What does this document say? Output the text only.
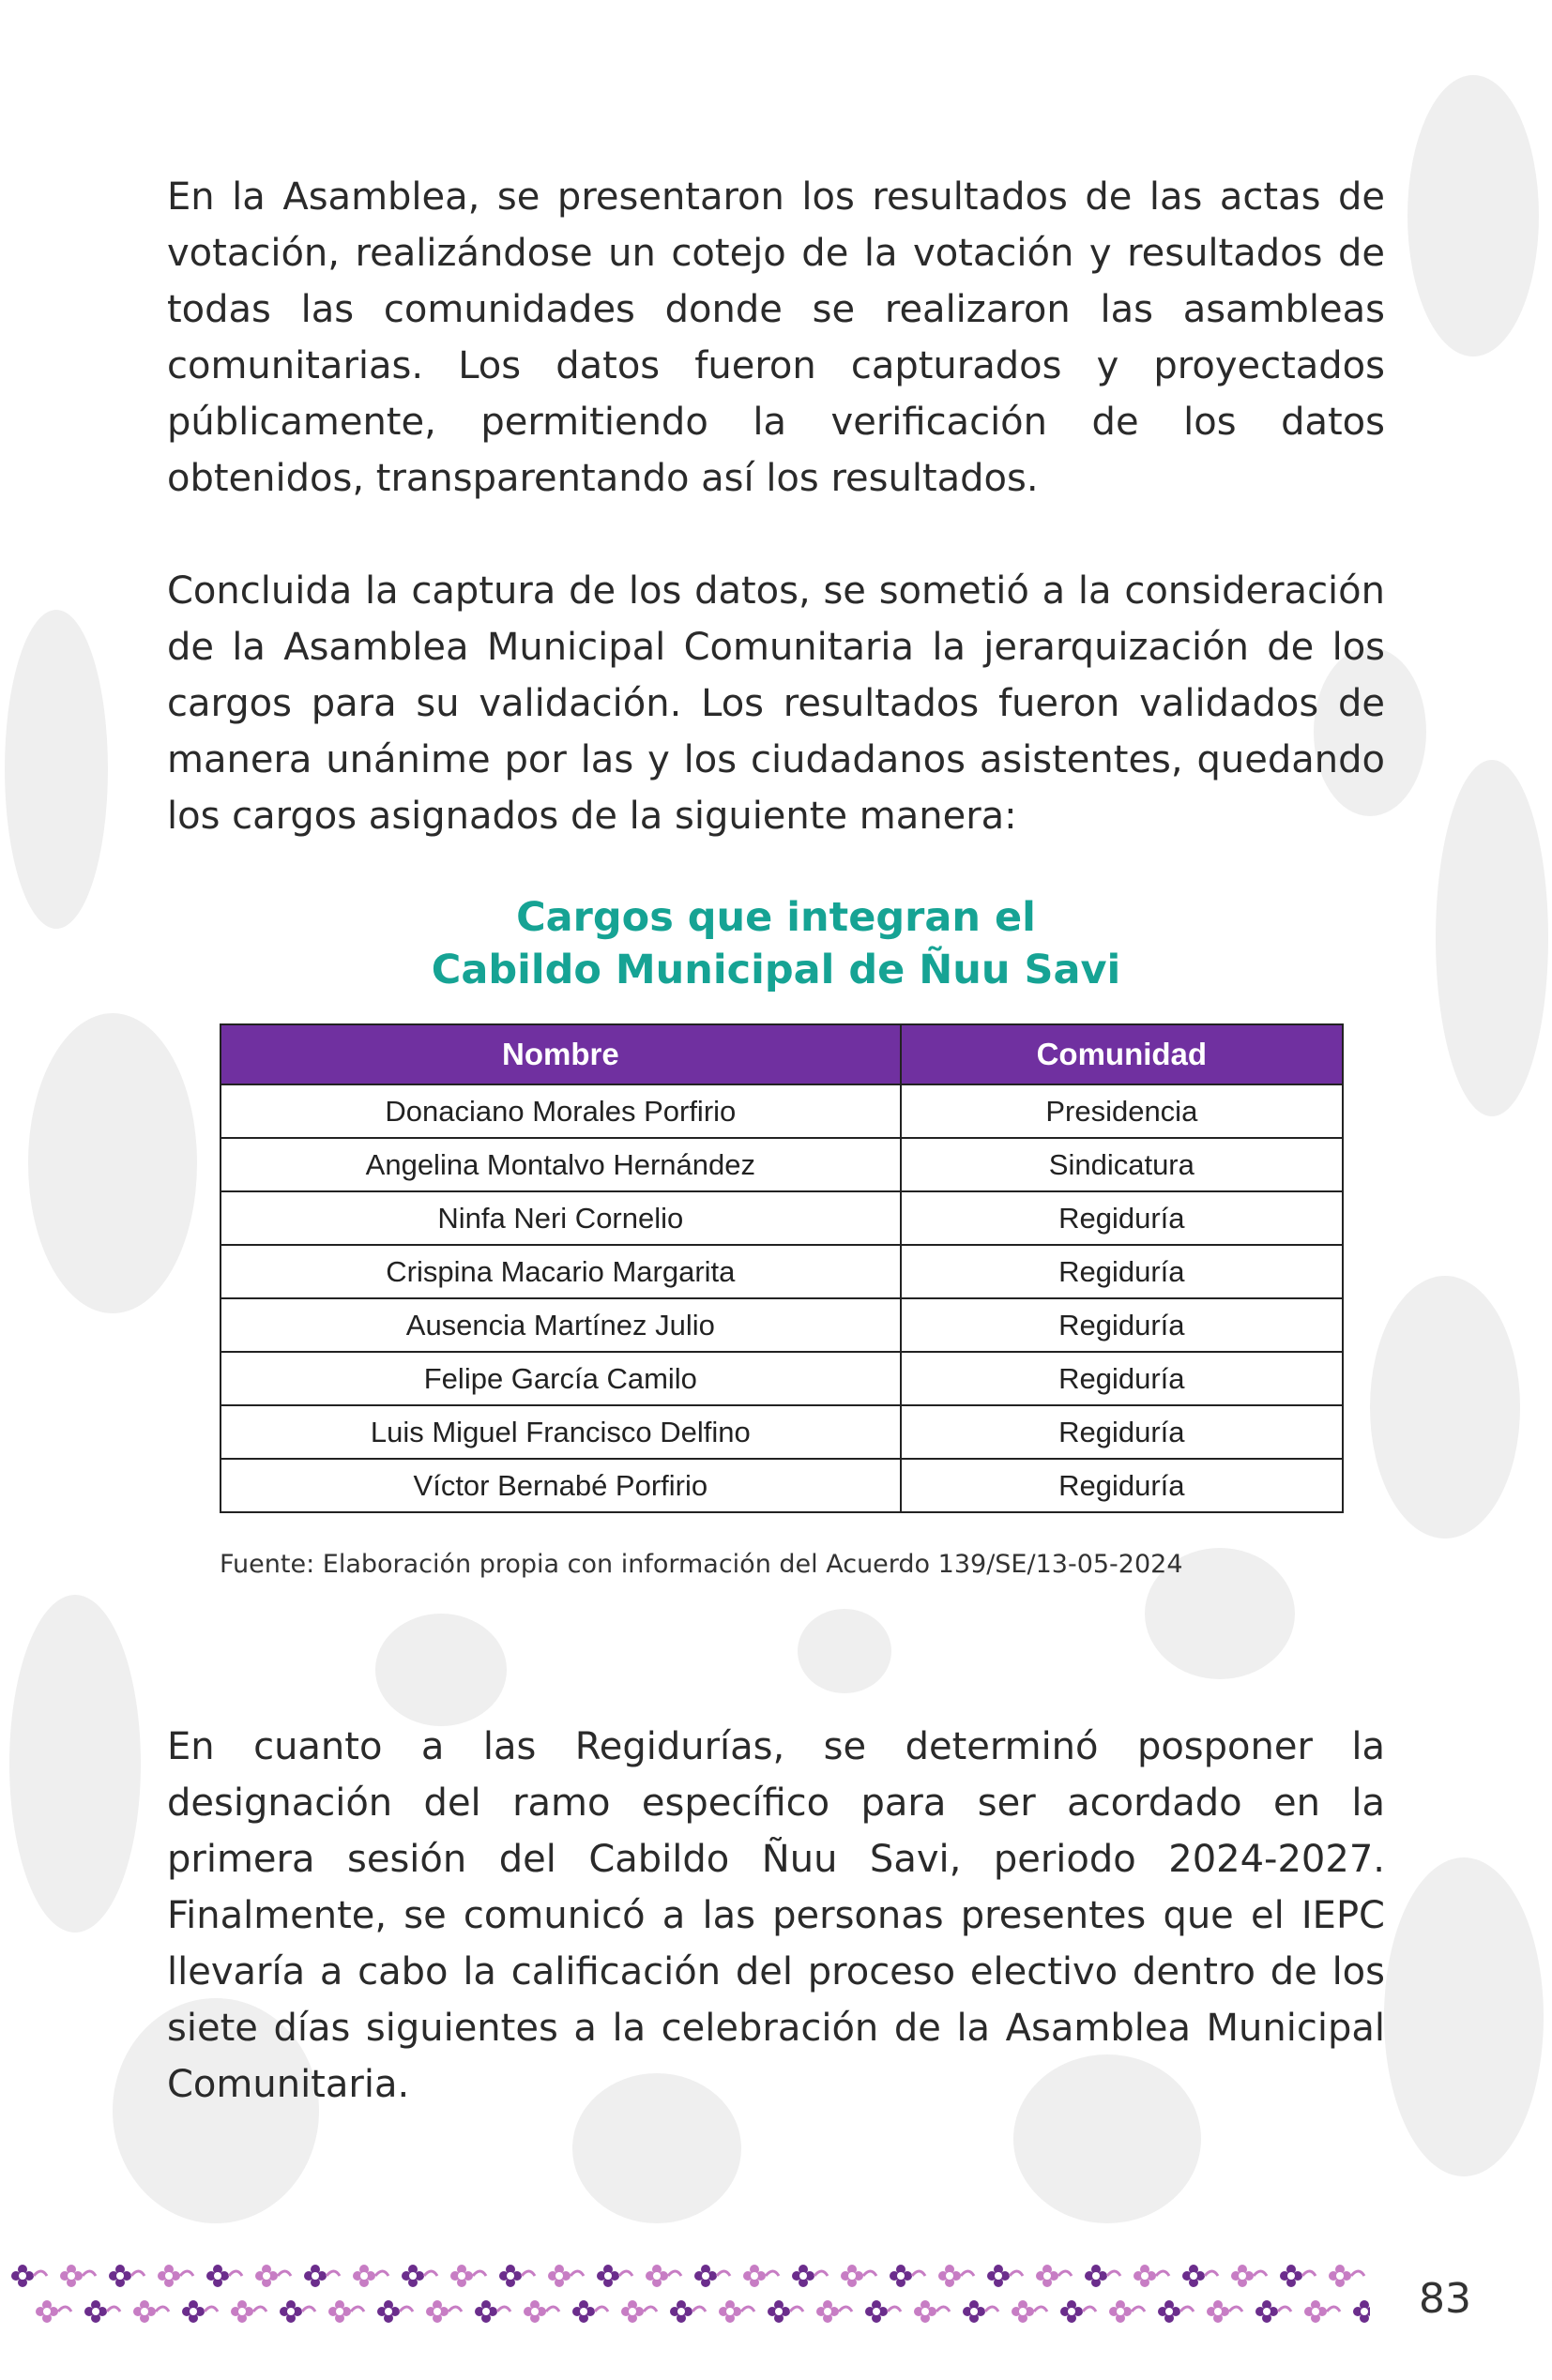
En la Asamblea, se presentaron los resultados de las actas de votación, realizándose un cotejo de la votación y resultados de todas las comunidades donde se realizaron las asambleas comunitarias. Los datos fueron capturados y proyectados públicamente, permitiendo la verificación de los datos obtenidos, transparentando así los resultados.

Concluida la captura de los datos, se sometió a la consideración de la Asamblea Municipal Comunitaria la jerarquización de los cargos para su validación. Los resultados fueron validados de manera unánime por las y los ciudadanos asistentes, quedando los cargos asignados de la siguiente manera:

Cargos que integran el
Cabildo Municipal de Ñuu Savi
Nombre	Comunidad
Donaciano Morales Porfirio	Presidencia
Angelina Montalvo Hernández	Sindicatura
Ninfa Neri Cornelio	Regiduría
Crispina Macario Margarita	Regiduría
Ausencia Martínez Julio	Regiduría
Felipe García Camilo	Regiduría
Luis Miguel Francisco Delfino	Regiduría
Víctor Bernabé Porfirio	Regiduría
Fuente: Elaboración propia con información del Acuerdo 139/SE/13-05-2024

En cuanto a las Regidurías, se determinó posponer la designación del ramo específico para ser acordado en la primera sesión del Cabildo Ñuu Savi, periodo 2024-2027. Finalmente, se comunicó a las personas presentes que el IEPC llevaría a cabo la calificación del proceso electivo dentro de los siete días siguientes a la celebración de la Asamblea Municipal Comunitaria.

83
